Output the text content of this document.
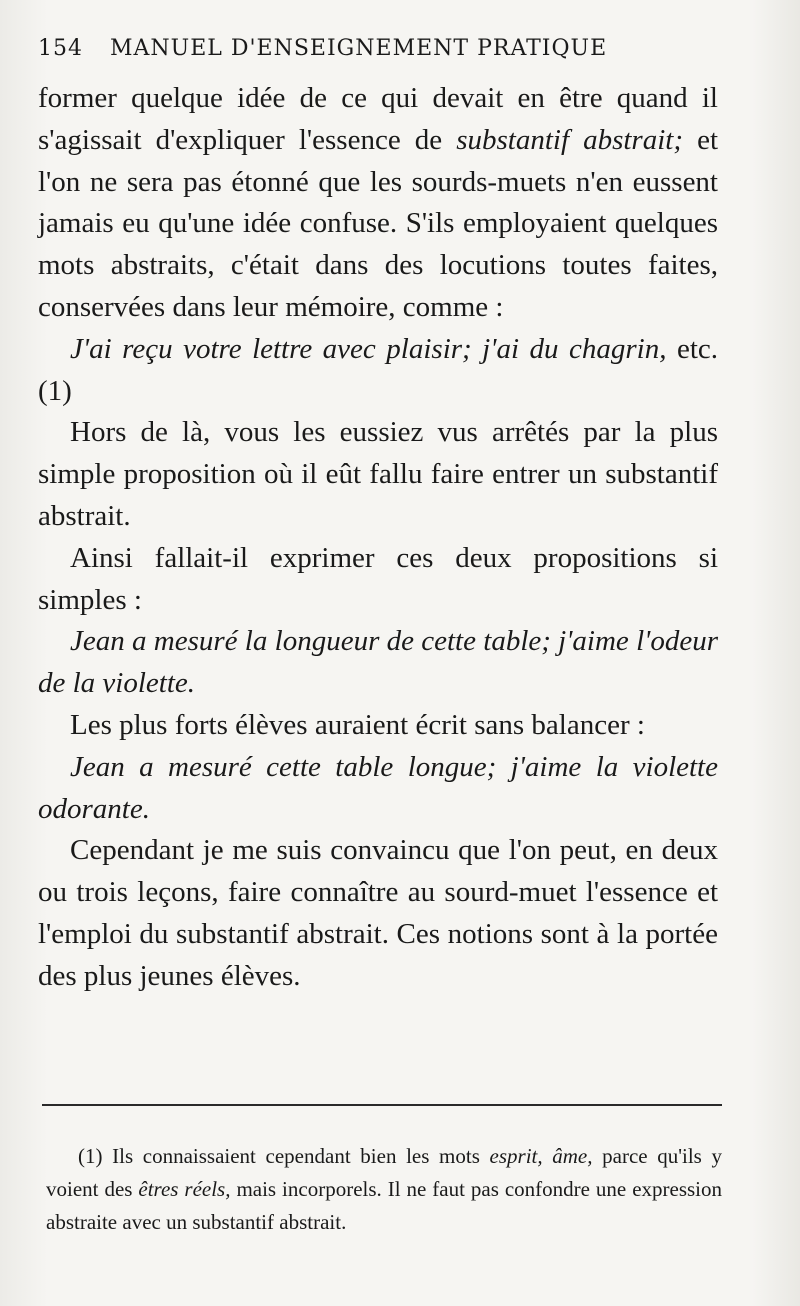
154 MANUEL D'ENSEIGNEMENT PRATIQUE

former quelque idée de ce qui devait en être quand il s'agissait d'expliquer l'essence de substantif abstrait; et l'on ne sera pas étonné que les sourds-muets n'en eussent jamais eu qu'une idée confuse. S'ils employaient quelques mots abstraits, c'était dans des locutions toutes faites, conservées dans leur mémoire, comme :

J'ai reçu votre lettre avec plaisir; j'ai du chagrin, etc. (1)

Hors de là, vous les eussiez vus arrêtés par la plus simple proposition où il eût fallu faire entrer un substantif abstrait.

Ainsi fallait-il exprimer ces deux propositions si simples :

Jean a mesuré la longueur de cette table; j'aime l'odeur de la violette.

Les plus forts élèves auraient écrit sans balancer :

Jean a mesuré cette table longue; j'aime la violette odorante.

Cependant je me suis convaincu que l'on peut, en deux ou trois leçons, faire connaître au sourd-muet l'essence et l'emploi du substantif abstrait. Ces notions sont à la portée des plus jeunes élèves.

(1) Ils connaissaient cependant bien les mots esprit, âme, parce qu'ils y voient des êtres réels, mais incorporels. Il ne faut pas confondre une expression abstraite avec un substantif abstrait.
